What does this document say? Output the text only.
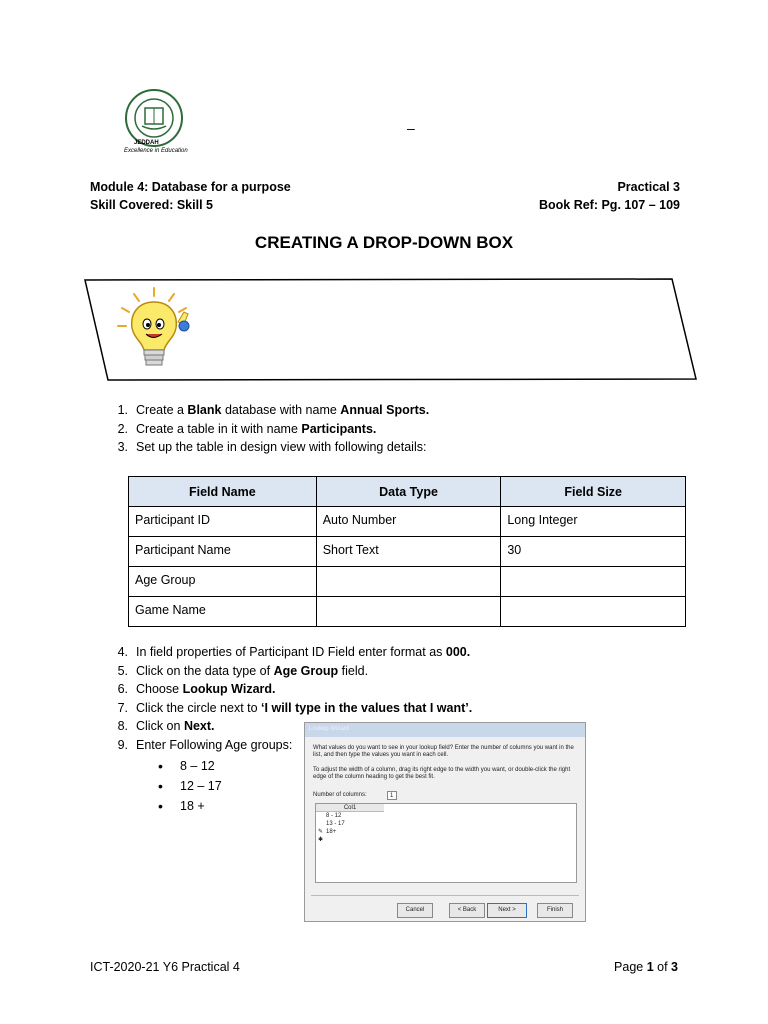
JEDDAH
Excellence in Education
–
Module 4: Database for a purpose
Skill Covered: Skill 5
Practical 3
Book Ref: Pg. 107 – 109
CREATING A DROP-DOWN BOX
1. Create a Blank database with name Annual Sports.
2. Create a table in it with name Participants.
3. Set up the table in design view with following details:
Field Name	Data Type	Field Size
Participant ID	Auto Number	Long Integer
Participant Name	Short Text	30
Age Group		
Game Name		
4. In field properties of Participant ID Field enter format as 000.
5. Click on the data type of Age Group field.
6. Choose Lookup Wizard.
7. Click the circle next to ‘I will type in the values that I want’.
8. Click on Next.
9. Enter Following Age groups:
•	8 – 12
•	12 – 17
•	18 +
Lookup Wizard
What values do you want to see in your lookup field? Enter the number of columns you want in the list, and then type the values you want in each cell.
To adjust the width of a column, drag its right edge to the width you want, or double-click the right edge of the column heading to get the best fit.
Number of columns:	1
Col1
8 - 12
13 - 17
18+
✎
✱
Cancel	< Back	Next >	Finish
ICT-2020-21 Y6 Practical 4	Page 1 of 3
